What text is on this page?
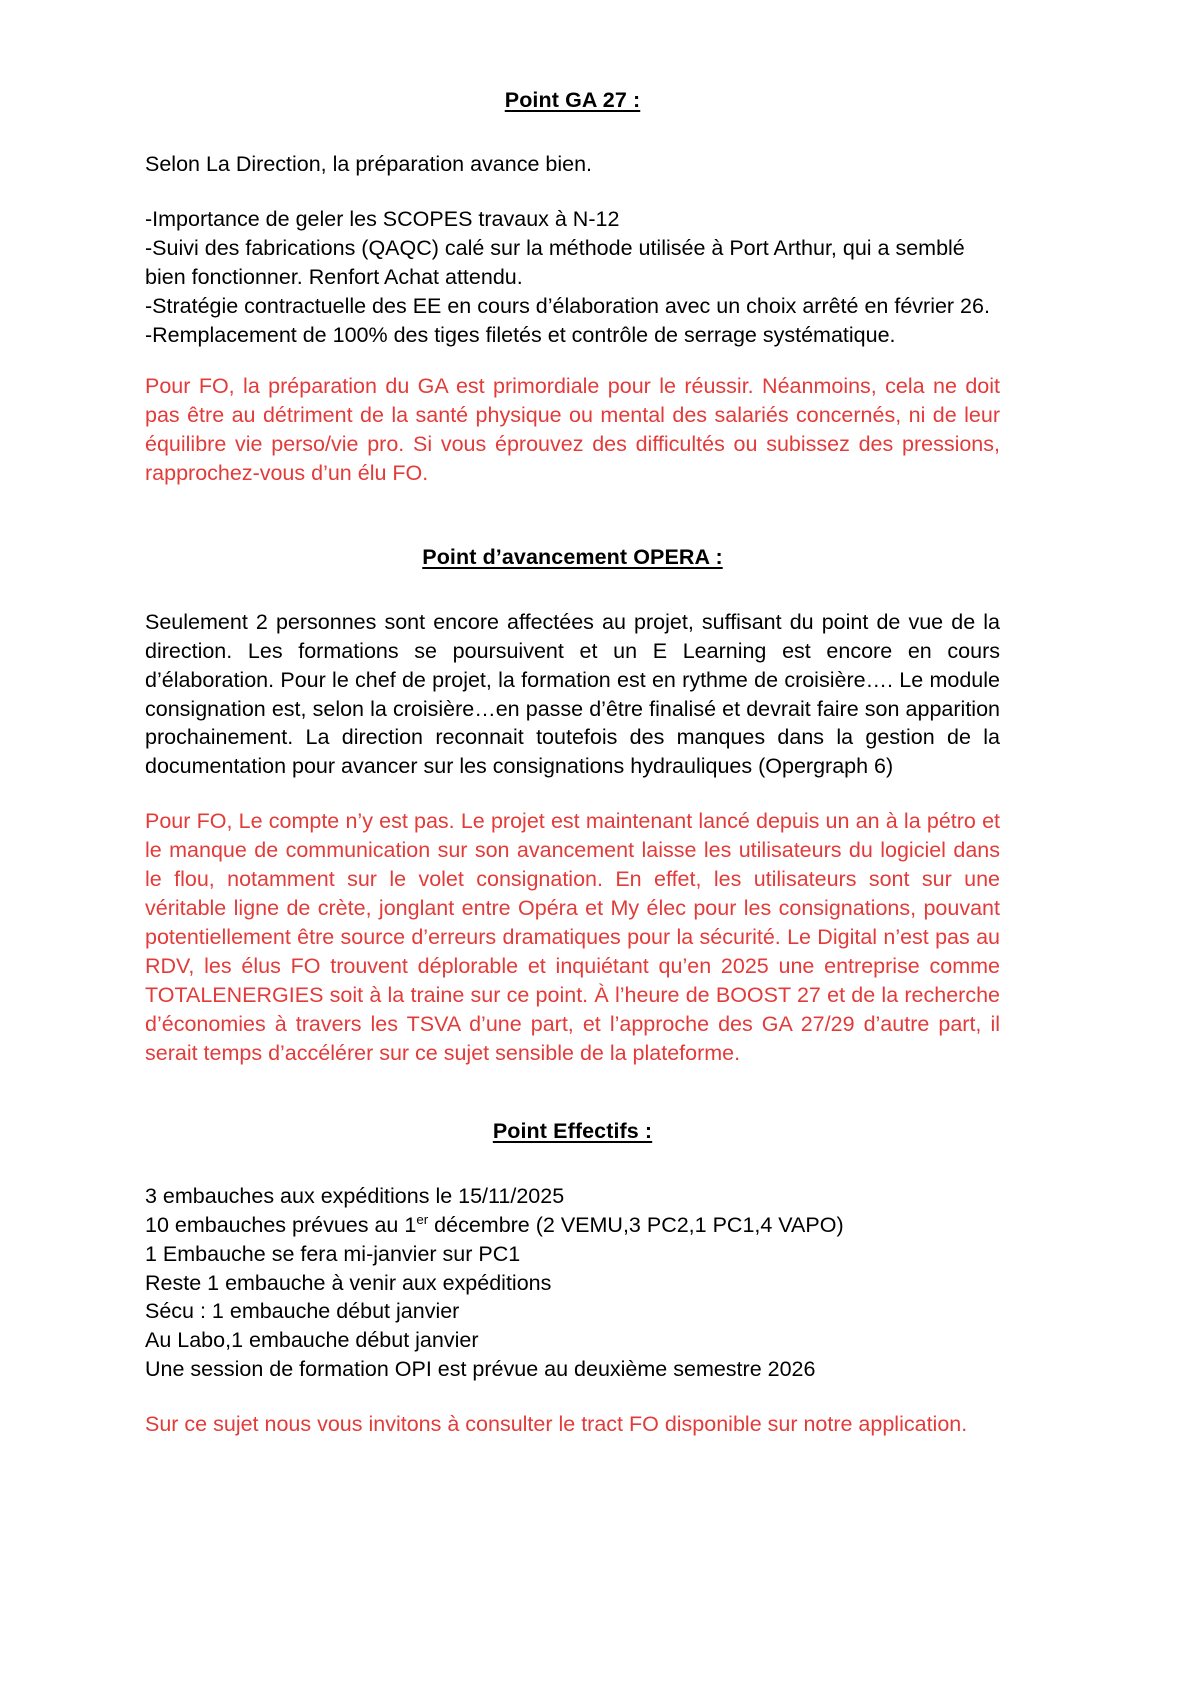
Point GA 27 :

Selon La Direction, la préparation avance bien.

-Importance de geler les SCOPES travaux à N-12
-Suivi des fabrications (QAQC) calé sur la méthode utilisée à Port Arthur, qui a semblé bien fonctionner. Renfort Achat attendu.
-Stratégie contractuelle des EE en cours d’élaboration avec un choix arrêté en février 26.
-Remplacement de 100% des tiges filetés et contrôle de serrage systématique.

Pour FO, la préparation du GA est primordiale pour le réussir. Néanmoins, cela ne doit pas être au détriment de la santé physique ou mental des salariés concernés, ni de leur équilibre vie perso/vie pro. Si vous éprouvez des difficultés ou subissez des pressions, rapprochez-vous d’un élu FO.

Point d’avancement OPERA :

Seulement 2 personnes sont encore affectées au projet, suffisant du point de vue de la direction. Les formations se poursuivent et un E Learning est encore en cours d’élaboration. Pour le chef de projet, la formation est en rythme de croisière…. Le module consignation est, selon la croisière…en passe d’être finalisé et devrait faire son apparition prochainement. La direction reconnait toutefois des manques dans la gestion de la documentation pour avancer sur les consignations hydrauliques (Opergraph 6)

Pour FO, Le compte n’y est pas. Le projet est maintenant lancé depuis un an à la pétro et le manque de communication sur son avancement laisse les utilisateurs du logiciel dans le flou, notamment sur le volet consignation. En effet, les utilisateurs sont sur une véritable ligne de crète, jonglant entre Opéra et My élec pour les consignations, pouvant potentiellement être source d’erreurs dramatiques pour la sécurité. Le Digital n’est pas au RDV, les élus FO trouvent déplorable et inquiétant qu’en 2025 une entreprise comme TOTALENERGIES soit à la traine sur ce point. À l’heure de BOOST 27 et de la recherche d’économies à travers les TSVA d’une part, et l’approche des GA 27/29 d’autre part, il serait temps d’accélérer sur ce sujet sensible de la plateforme.

Point Effectifs :
3 embauches aux expéditions le 15/11/2025
10 embauches prévues au 1er décembre (2 VEMU,3 PC2,1 PC1,4 VAPO)
1 Embauche se fera mi-janvier sur PC1
Reste 1 embauche à venir aux expéditions
Sécu : 1 embauche début janvier
Au Labo,1 embauche début janvier
Une session de formation OPI est prévue au deuxième semestre 2026

Sur ce sujet nous vous invitons à consulter le tract FO disponible sur notre application.
